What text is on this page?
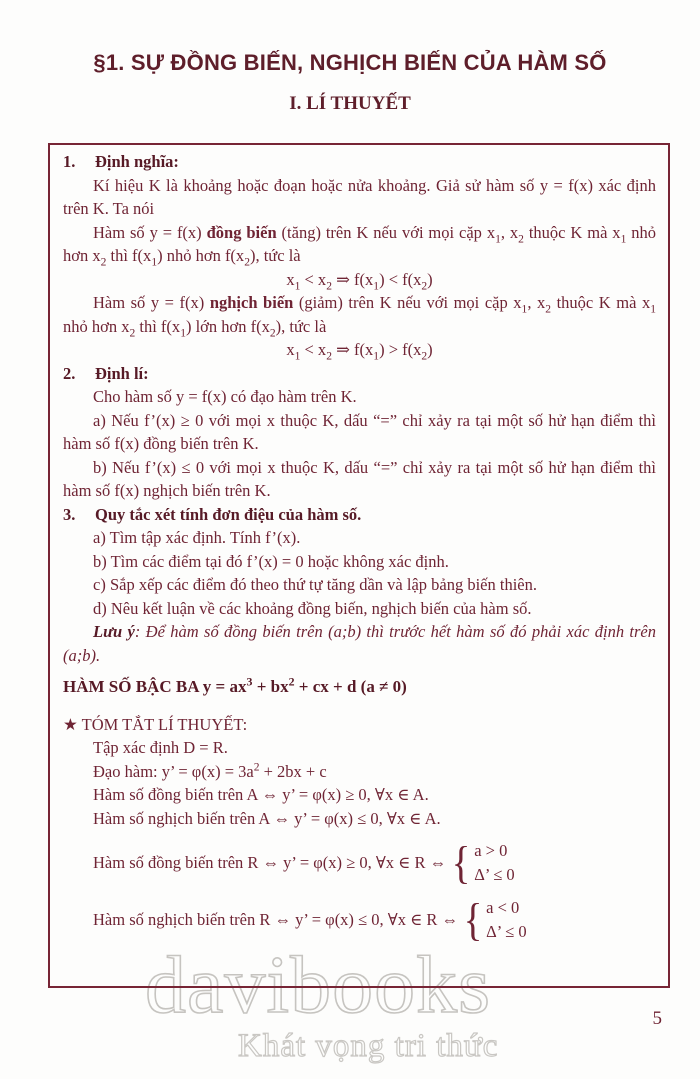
§1. SỰ ĐỒNG BIẾN, NGHỊCH BIẾN CỦA HÀM SỐ
I. LÍ THUYẾT
davibooks
Khát vọng tri thức
1. Định nghĩa:
Kí hiệu K là khoảng hoặc đoạn hoặc nửa khoảng. Giả sử hàm số y = f(x) xác định trên K. Ta nói
Hàm số y = f(x) đồng biến (tăng) trên K nếu với mọi cặp $x_1$, $x_2$ thuộc K mà $x_1$ nhỏ hơn $x_2$ thì $f(x_1)$ nhỏ hơn $f(x_2)$, tức là
$x_1 < x_2$ ⇒ $f(x_1) < f(x_2)$
Hàm số y = f(x) nghịch biến (giảm) trên K nếu với mọi cặp $x_1$, $x_2$ thuộc K mà $x_1$ nhỏ hơn $x_2$ thì $f(x_1)$ lớn hơn $f(x_2)$, tức là
$x_1 < x_2$ ⇒ $f(x_1) > f(x_2)$
2. Định lí:
Cho hàm số y = f(x) có đạo hàm trên K.
a) Nếu f’(x) ≥ 0 với mọi x thuộc K, dấu “=” chỉ xảy ra tại một số hử hạn điểm thì hàm số f(x) đồng biến trên K.
b) Nếu f’(x) ≤ 0 với mọi x thuộc K, dấu “=” chỉ xảy ra tại một số hử hạn điểm thì hàm số f(x) nghịch biến trên K.
3. Quy tắc xét tính đơn điệu của hàm số.
a) Tìm tập xác định. Tính f’(x).
b) Tìm các điểm tại đó f’(x) = 0 hoặc không xác định.
c) Sắp xếp các điểm đó theo thứ tự tăng dần và lập bảng biến thiên.
d) Nêu kết luận về các khoảng đồng biến, nghịch biến của hàm số.
Lưu ý: Để hàm số đồng biến trên (a;b) thì trước hết hàm số đó phải xác định trên (a;b).
HÀM SỐ BẬC BA $y = ax^3 + bx^2$ + cx + d (a ≠ 0)
★ TÓM TẮT LÍ THUYẾT:
Tập xác định D = R.
Đạo hàm: y’ = $\varphi(x) = 3a^2 + 2bx + c$
Hàm số đồng biến trên A ⇔ y’ = φ(x) ≥ 0, ∀x ∈ A.
Hàm số nghịch biến trên A ⇔ y’ = φ(x) ≤ 0, ∀x ∈ A.
Hàm số đồng biến trên R ⇔ y’ = φ(x) ≥ 0, ∀x ∈ R ⇔ { a > 0
Δ’ ≤ 0
Hàm số nghịch biến trên R ⇔ y’ = φ(x) ≤ 0, ∀x ∈ R ⇔ { a < 0
Δ’ ≤ 0
5
